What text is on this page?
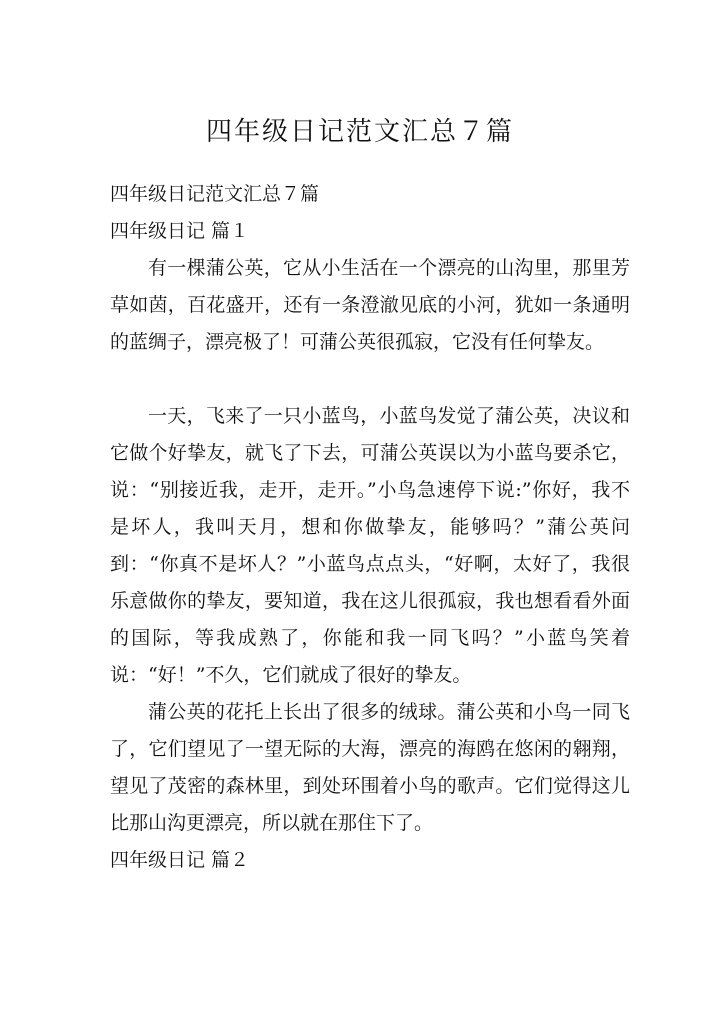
四年级日记范文汇总７篇

四年级日记范文汇总７篇

四年级日记 篇１

有一棵蒲公英，它从小生活在一个漂亮的山沟里，那里芳草如茵，百花盛开，还有一条澄澈见底的小河，犹如一条通明的蓝绸子，漂亮极了！可蒲公英很孤寂，它没有任何挚友。

一天，飞来了一只小蓝鸟，小蓝鸟发觉了蒲公英，决议和它做个好挚友，就飞了下去，可蒲公英误以为小蓝鸟要杀它，说：“别接近我，走开，走开。”小鸟急速停下说:”你好，我不是坏人，我叫天月，想和你做挚友，能够吗？”蒲公英问到：“你真不是坏人？”小蓝鸟点点头，“好啊，太好了，我很乐意做你的挚友，要知道，我在这儿很孤寂，我也想看看外面的国际，等我成熟了，你能和我一同飞吗？”小蓝鸟笑着说：“好！”不久，它们就成了很好的挚友。

蒲公英的花托上长出了很多的绒球。蒲公英和小鸟一同飞了，它们望见了一望无际的大海，漂亮的海鸥在悠闲的翱翔，望见了茂密的森林里，到处环围着小鸟的歌声。它们觉得这儿比那山沟更漂亮，所以就在那住下了。

四年级日记 篇２
